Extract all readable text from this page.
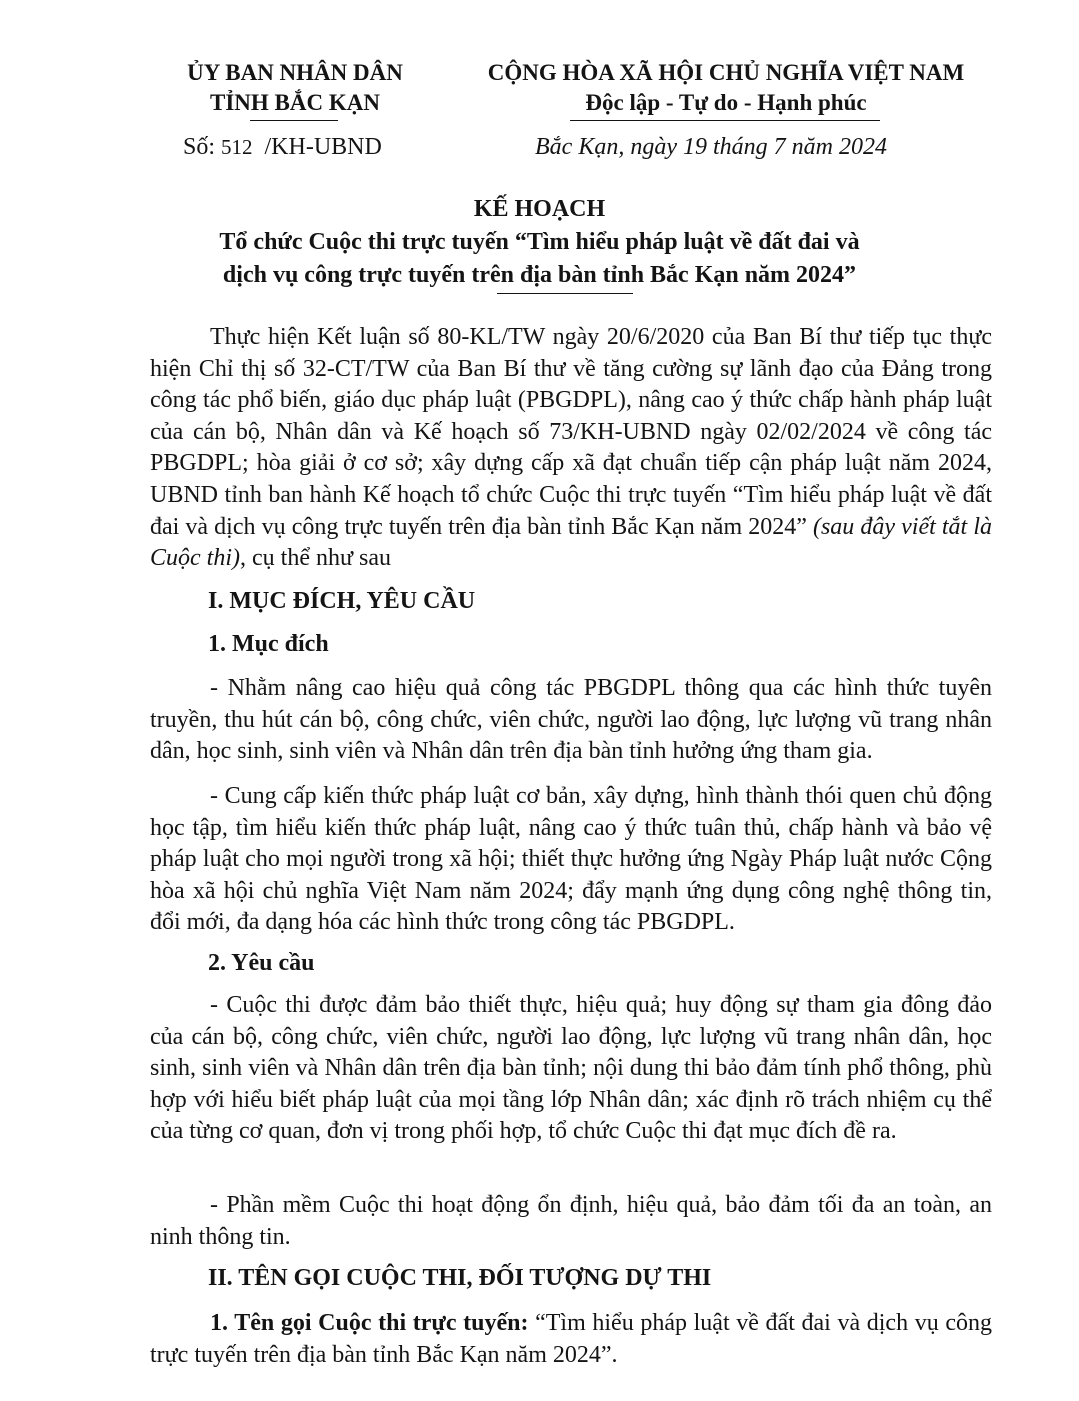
ỦY BAN NHÂN DÂN
TỈNH BẮC KẠN
CỘNG HÒA XÃ HỘI CHỦ NGHĨA VIỆT NAM
Độc lập - Tự do - Hạnh phúc
Số: 512 /KH-UBND	Bắc Kạn, ngày 19 tháng 7 năm 2024
KẾ HOẠCH
Tổ chức Cuộc thi trực tuyến “Tìm hiểu pháp luật về đất đai và
dịch vụ công trực tuyến trên địa bàn tỉnh Bắc Kạn năm 2024”
Thực hiện Kết luận số 80-KL/TW ngày 20/6/2020 của Ban Bí thư tiếp tục thực hiện Chỉ thị số 32-CT/TW của Ban Bí thư về tăng cường sự lãnh đạo của Đảng trong công tác phổ biến, giáo dục pháp luật (PBGDPL), nâng cao ý thức chấp hành pháp luật của cán bộ, Nhân dân và Kế hoạch số 73/KH-UBND ngày 02/02/2024 về công tác PBGDPL; hòa giải ở cơ sở; xây dựng cấp xã đạt chuẩn tiếp cận pháp luật năm 2024, UBND tỉnh ban hành Kế hoạch tổ chức Cuộc thi trực tuyến “Tìm hiểu pháp luật về đất đai và dịch vụ công trực tuyến trên địa bàn tỉnh Bắc Kạn năm 2024” (sau đây viết tắt là Cuộc thi), cụ thể như sau
I. MỤC ĐÍCH, YÊU CẦU
1. Mục đích
- Nhằm nâng cao hiệu quả công tác PBGDPL thông qua các hình thức tuyên truyền, thu hút cán bộ, công chức, viên chức, người lao động, lực lượng vũ trang nhân dân, học sinh, sinh viên và Nhân dân trên địa bàn tỉnh hưởng ứng tham gia.
- Cung cấp kiến thức pháp luật cơ bản, xây dựng, hình thành thói quen chủ động học tập, tìm hiểu kiến thức pháp luật, nâng cao ý thức tuân thủ, chấp hành và bảo vệ pháp luật cho mọi người trong xã hội; thiết thực hưởng ứng Ngày Pháp luật nước Cộng hòa xã hội chủ nghĩa Việt Nam năm 2024; đẩy mạnh ứng dụng công nghệ thông tin, đổi mới, đa dạng hóa các hình thức trong công tác PBGDPL.
2. Yêu cầu
- Cuộc thi được đảm bảo thiết thực, hiệu quả; huy động sự tham gia đông đảo của cán bộ, công chức, viên chức, người lao động, lực lượng vũ trang nhân dân, học sinh, sinh viên và Nhân dân trên địa bàn tỉnh; nội dung thi bảo đảm tính phổ thông, phù hợp với hiểu biết pháp luật của mọi tầng lớp Nhân dân; xác định rõ trách nhiệm cụ thể của từng cơ quan, đơn vị trong phối hợp, tổ chức Cuộc thi đạt mục đích đề ra.
- Phần mềm Cuộc thi hoạt động ổn định, hiệu quả, bảo đảm tối đa an toàn, an ninh thông tin.
II. TÊN GỌI CUỘC THI, ĐỐI TƯỢNG DỰ THI
1. Tên gọi Cuộc thi trực tuyến: “Tìm hiểu pháp luật về đất đai và dịch vụ công trực tuyến trên địa bàn tỉnh Bắc Kạn năm 2024”.
